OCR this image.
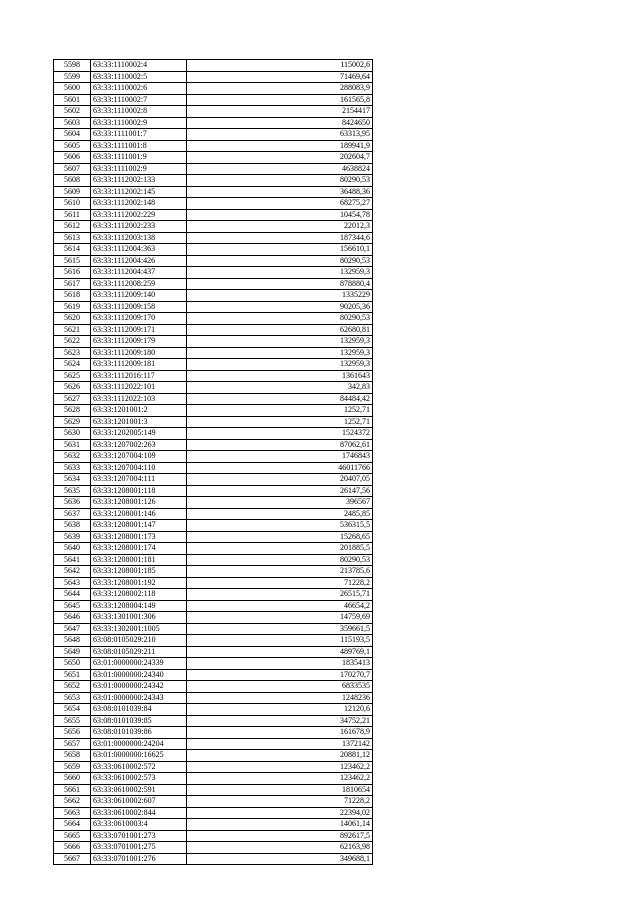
5598	63:33:1110002:4	115002,6
5599	63:33:1110002:5	71469,64
5600	63:33:1110002:6	288083,9
5601	63:33:1110002:7	161565,8
5602	63:33:1110002:8	2154417
5603	63:33:1110002:9	8424650
5604	63:33:1111001:7	63313,95
5605	63:33:1111001:8	189941,9
5606	63:33:1111001:9	202604,7
5607	63:33:1111002:9	4638824
5608	63:33:1112002:133	80290,53
5609	63:33:1112002:145	36488,36
5610	63:33:1112002:148	68275,27
5611	63:33:1112002:229	10454,78
5612	63:33:1112002:233	22012,3
5613	63:33:1112003:138	187344,6
5614	63:33:1112004:363	156610,1
5615	63:33:1112004:426	80290,53
5616	63:33:1112004:437	132959,3
5617	63:33:1112008:259	878880,4
5618	63:33:1112009:140	1335229
5619	63:33:1112009:158	90205,36
5620	63:33:1112009:170	80290,53
5621	63:33:1112009:171	62680,81
5622	63:33:1112009:179	132959,3
5623	63:33:1112009:180	132959,3
5624	63:33:1112009:181	132959,3
5625	63:33:1112016:117	1361643
5626	63:33:1112022:101	342,83
5627	63:33:1112022:103	84484,42
5628	63:33:1201001:2	1252,71
5629	63:33:1201001:3	1252,71
5630	63:33:1202005:149	1524372
5631	63:33:1207002:263	87062,61
5632	63:33:1207004:109	1746843
5633	63:33:1207004:110	46011766
5634	63:33:1207004:111	20407,05
5635	63:33:1208001:118	26147,56
5636	63:33:1208001:126	396567
5637	63:33:1208001:146	2485,85
5638	63:33:1208001:147	536315,5
5639	63:33:1208001:173	15268,65
5640	63:33:1208001:174	201885,5
5641	63:33:1208001:181	80290,53
5642	63:33:1208001:185	213785,6
5643	63:33:1208001:192	71228,2
5644	63:33:1208002:118	26515,71
5645	63:33:1208004:149	46654,2
5646	63:33:1301001:306	14759,69
5647	63:33:1302001:1005	359661,5
5648	63:08:0105029:210	115193,5
5649	63:08:0105029:211	489769,1
5650	63:01:0000000:24339	1835413
5651	63:01:0000000:24340	170270,7
5652	63:01:0000000:24342	6833535
5653	63:01:0000000:24343	1248236
5654	63:08:0101039:84	12120,6
5655	63:08:0101039:85	34752,21
5656	63:08:0101039:86	161678,9
5657	63:01:0000000:24204	1372142
5658	63:01:0000000:16625	20881,12
5659	63:33:0610002:572	123462,2
5660	63:33:0610002:573	123462,2
5661	63:33:0610002:591	1810654
5662	63:33:0610002:607	71228,2
5663	63:33:0610002:844	22394,02
5664	63:33:0610003:4	14061,14
5665	63:33:0701001:273	892617,5
5666	63:33:0701001:275	62163,98
5667	63:33:0701001:276	349688,1
